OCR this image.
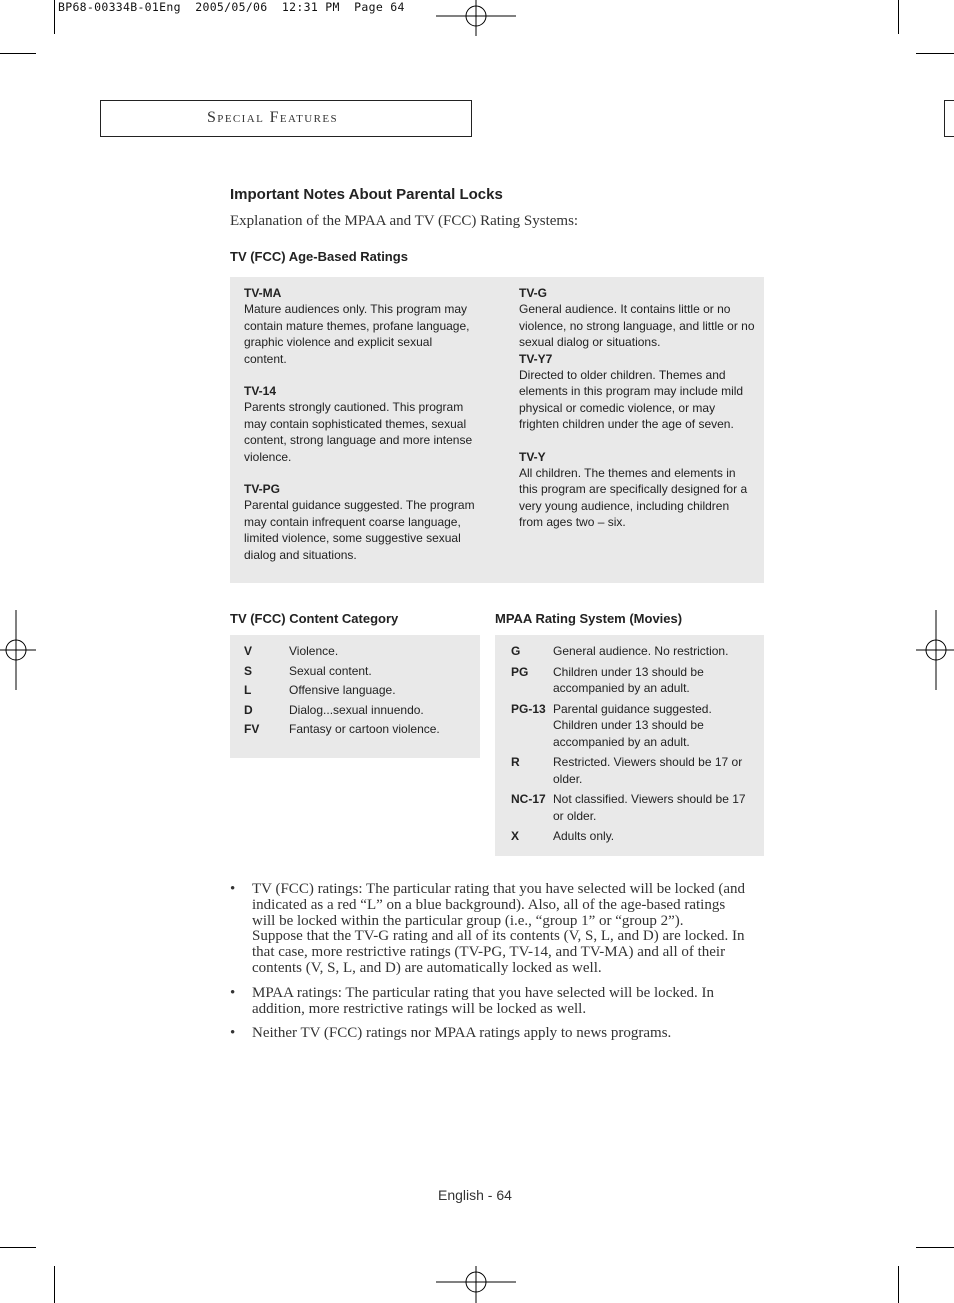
BP68-00334B-01Eng  2005/05/06  12:31 PM  Page 64
Special Features
Important Notes About Parental Locks
Explanation of the MPAA and TV (FCC) Rating Systems:
TV (FCC) Age-Based Ratings
TV-MA
Mature audiences only. This program may contain mature themes, profane language, graphic violence and explicit sexual content.
TV-14
Parents strongly cautioned. This program may contain sophisticated themes, sexual content, strong language and more intense violence.
TV-PG
Parental guidance suggested. The program may contain infrequent coarse language, limited violence, some suggestive sexual dialog and situations.
TV-G
General audience. It contains little or no violence, no strong language, and little or no sexual dialog or situations.
TV-Y7
Directed to older children. Themes and elements in this program may include mild physical or comedic violence, or may frighten children under the age of seven.
TV-Y
All children. The themes and elements in this program are specifically designed for a very young audience, including children from ages two – six.
TV (FCC) Content Category
V	Violence.
S	Sexual content.
L	Offensive language.
D	Dialog...sexual innuendo.
FV	Fantasy or cartoon violence.
MPAA Rating System (Movies)
G	General audience. No restriction.
PG	Children under 13 should be accompanied by an adult.
PG-13	Parental guidance suggested. Children under 13 should be accompanied by an adult.
R	Restricted. Viewers should be 17 or older.
NC-17	Not classified. Viewers should be 17 or older.
X	Adults only.
• TV (FCC) ratings: The particular rating that you have selected will be locked (and indicated as a red “L” on a blue background). Also, all of the age-based ratings will be locked within the particular group (i.e., “group 1” or “group 2”).
Suppose that the TV-G rating and all of its contents (V, S, L, and D) are locked. In that case, more restrictive ratings (TV-PG, TV-14, and TV-MA) and all of their contents (V, S, L, and D) are automatically locked as well.
• MPAA ratings: The particular rating that you have selected will be locked. In addition, more restrictive ratings will be locked as well.
• Neither TV (FCC) ratings nor MPAA ratings apply to news programs.
English - 64
